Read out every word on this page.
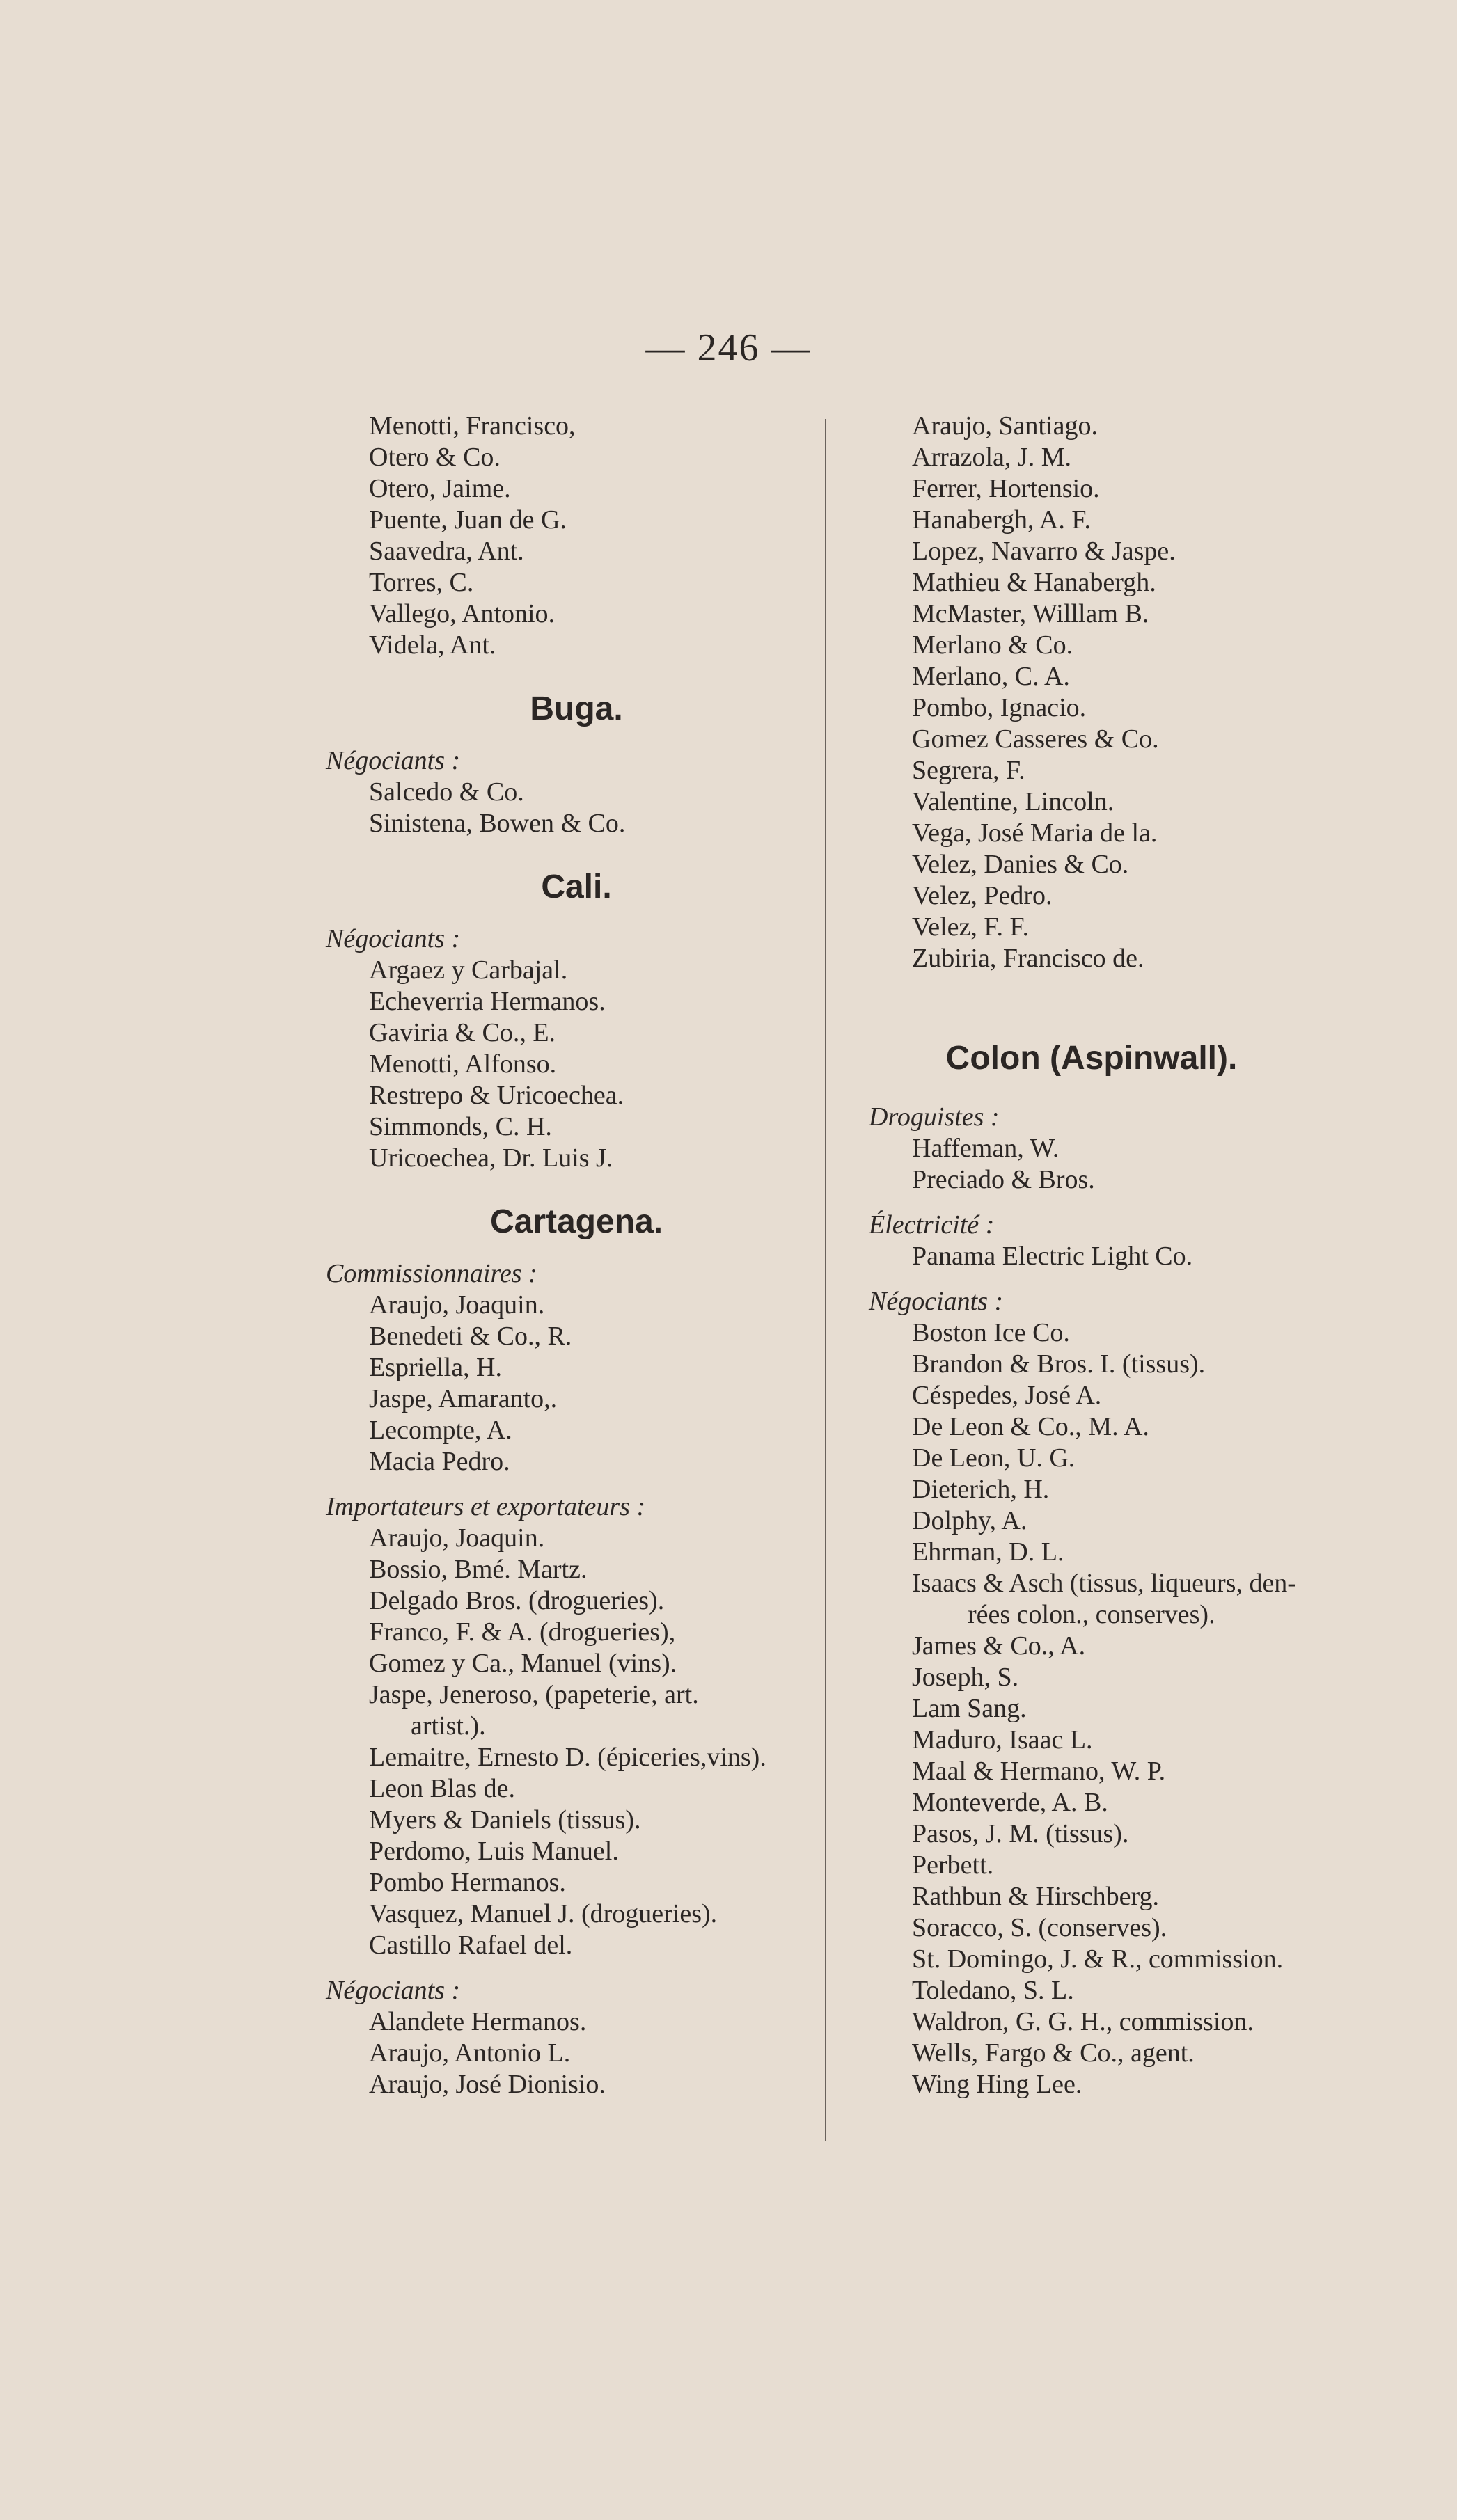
— 246 —
Menotti, Francisco,
Otero & Co.
Otero, Jaime.
Puente, Juan de G.
Saavedra, Ant.
Torres, C.
Vallego, Antonio.
Videla, Ant.
Buga.
Négociants :
Salcedo & Co.
Sinistena, Bowen & Co.
Cali.
Négociants :
Argaez y Carbajal.
Echeverria Hermanos.
Gaviria & Co., E.
Menotti, Alfonso.
Restrepo & Uricoechea.
Simmonds, C. H.
Uricoechea, Dr. Luis J.
Cartagena.
Commissionnaires :
Araujo, Joaquin.
Benedeti & Co., R.
Espriella, H.
Jaspe, Amaranto,.
Lecompte, A.
Macia Pedro.
Importateurs et exportateurs :
Araujo, Joaquin.
Bossio, Bmé. Martz.
Delgado Bros. (drogueries).
Franco, F. & A. (drogueries),
Gomez y Ca., Manuel (vins).
Jaspe, Jeneroso, (papeterie, art.
artist.).
Lemaitre, Ernesto D. (épiceries,vins).
Leon Blas de.
Myers & Daniels (tissus).
Perdomo, Luis Manuel.
Pombo Hermanos.
Vasquez, Manuel J. (drogueries).
Castillo Rafael del.
Négociants :
Alandete Hermanos.
Araujo, Antonio L.
Araujo, José Dionisio.
Araujo, Santiago.
Arrazola, J. M.
Ferrer, Hortensio.
Hanabergh, A. F.
Lopez, Navarro & Jaspe.
Mathieu & Hanabergh.
McMaster, Willlam B.
Merlano & Co.
Merlano, C. A.
Pombo, Ignacio.
Gomez Casseres & Co.
Segrera, F.
Valentine, Lincoln.
Vega, José Maria de la.
Velez, Danies & Co.
Velez, Pedro.
Velez, F. F.
Zubiria, Francisco de.
Colon (Aspinwall).
Droguistes :
Haffeman, W.
Preciado & Bros.
Électricité :
Panama Electric Light Co.
Négociants :
Boston Ice Co.
Brandon & Bros. I. (tissus).
Céspedes, José A.
De Leon & Co., M. A.
De Leon, U. G.
Dieterich, H.
Dolphy, A.
Ehrman, D. L.
Isaacs & Asch (tissus, liqueurs, den-
rées colon., conserves).
James & Co., A.
Joseph, S.
Lam Sang.
Maduro, Isaac L.
Maal & Hermano, W. P.
Monteverde, A. B.
Pasos, J. M. (tissus).
Perbett.
Rathbun & Hirschberg.
Soracco, S. (conserves).
St. Domingo, J. & R., commission.
Toledano, S. L.
Waldron, G. G. H., commission.
Wells, Fargo & Co., agent.
Wing Hing Lee.
